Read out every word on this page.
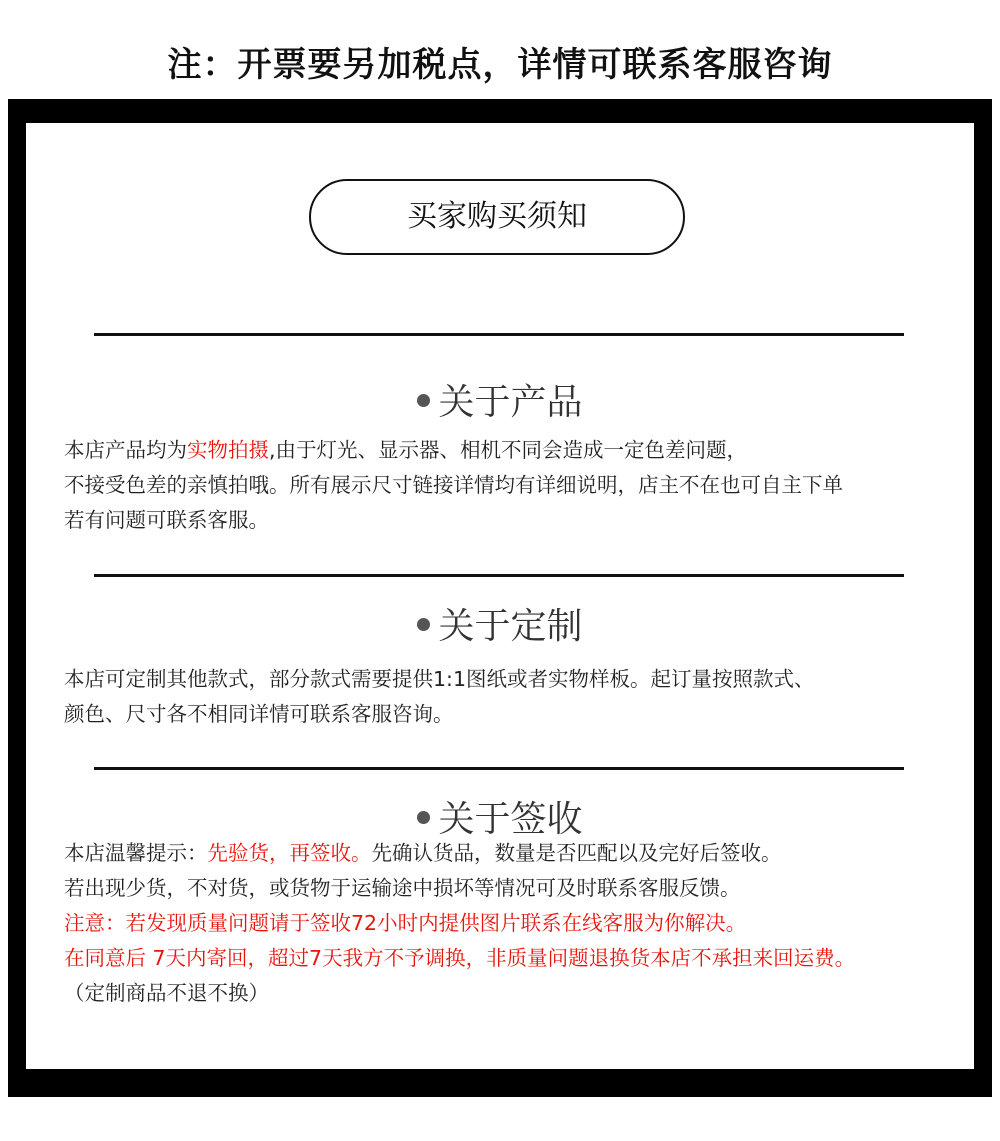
注：开票要另加税点，详情可联系客服咨询
买家购买须知
关于产品
本店产品均为实物拍摄,由于灯光、显示器、相机不同会造成一定色差问题，
不接受色差的亲慎拍哦。所有展示尺寸链接详情均有详细说明，店主不在也可自主下单
若有问题可联系客服。
关于定制
本店可定制其他款式，部分款式需要提供1:1图纸或者实物样板。起订量按照款式、
颜色、尺寸各不相同详情可联系客服咨询。
关于签收
本店温馨提示：先验货，再签收。先确认货品，数量是否匹配以及完好后签收。
若出现少货，不对货，或货物于运输途中损坏等情况可及时联系客服反馈。
注意：若发现质量问题请于签收72小时内提供图片联系在线客服为你解决。
在同意后 7天内寄回，超过7天我方不予调换，非质量问题退换货本店不承担来回运费。
（定制商品不退不换）
